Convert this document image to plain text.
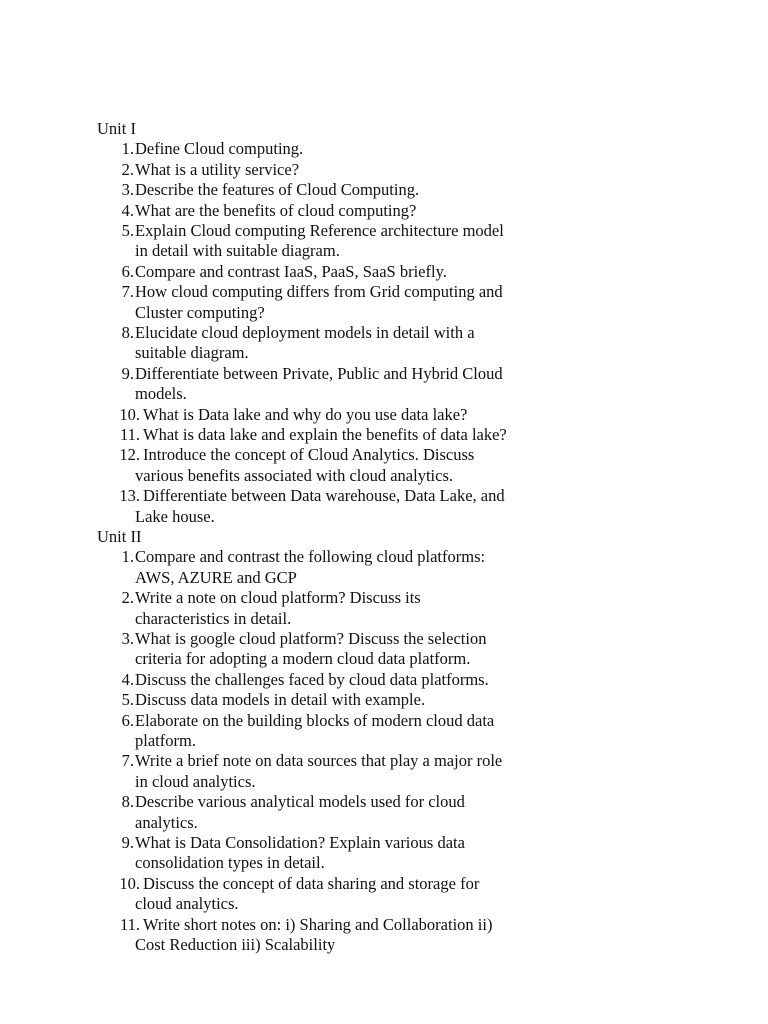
Unit I
1. Define Cloud computing.
2. What is a utility service?
3. Describe the features of Cloud Computing.
4. What are the benefits of cloud computing?
5. Explain Cloud computing Reference architecture model
in detail with suitable diagram.
6. Compare and contrast IaaS, PaaS, SaaS briefly.
7. How cloud computing differs from Grid computing and
Cluster computing?
8. Elucidate cloud deployment models in detail with a
suitable diagram.
9. Differentiate between Private, Public and Hybrid Cloud
models.
10. What is Data lake and why do you use data lake?
11. What is data lake and explain the benefits of data lake?
12. Introduce the concept of Cloud Analytics. Discuss
various benefits associated with cloud analytics.
13. Differentiate between Data warehouse, Data Lake, and
Lake house.
Unit II
1. Compare and contrast the following cloud platforms:
AWS, AZURE and GCP
2. Write a note on cloud platform? Discuss its
characteristics in detail.
3. What is google cloud platform? Discuss the selection
criteria for adopting a modern cloud data platform.
4. Discuss the challenges faced by cloud data platforms.
5. Discuss data models in detail with example.
6. Elaborate on the building blocks of modern cloud data
platform.
7. Write a brief note on data sources that play a major role
in cloud analytics.
8. Describe various analytical models used for cloud
analytics.
9. What is Data Consolidation? Explain various data
consolidation types in detail.
10. Discuss the concept of data sharing and storage for
cloud analytics.
11. Write short notes on: i) Sharing and Collaboration ii)
Cost Reduction iii) Scalability
